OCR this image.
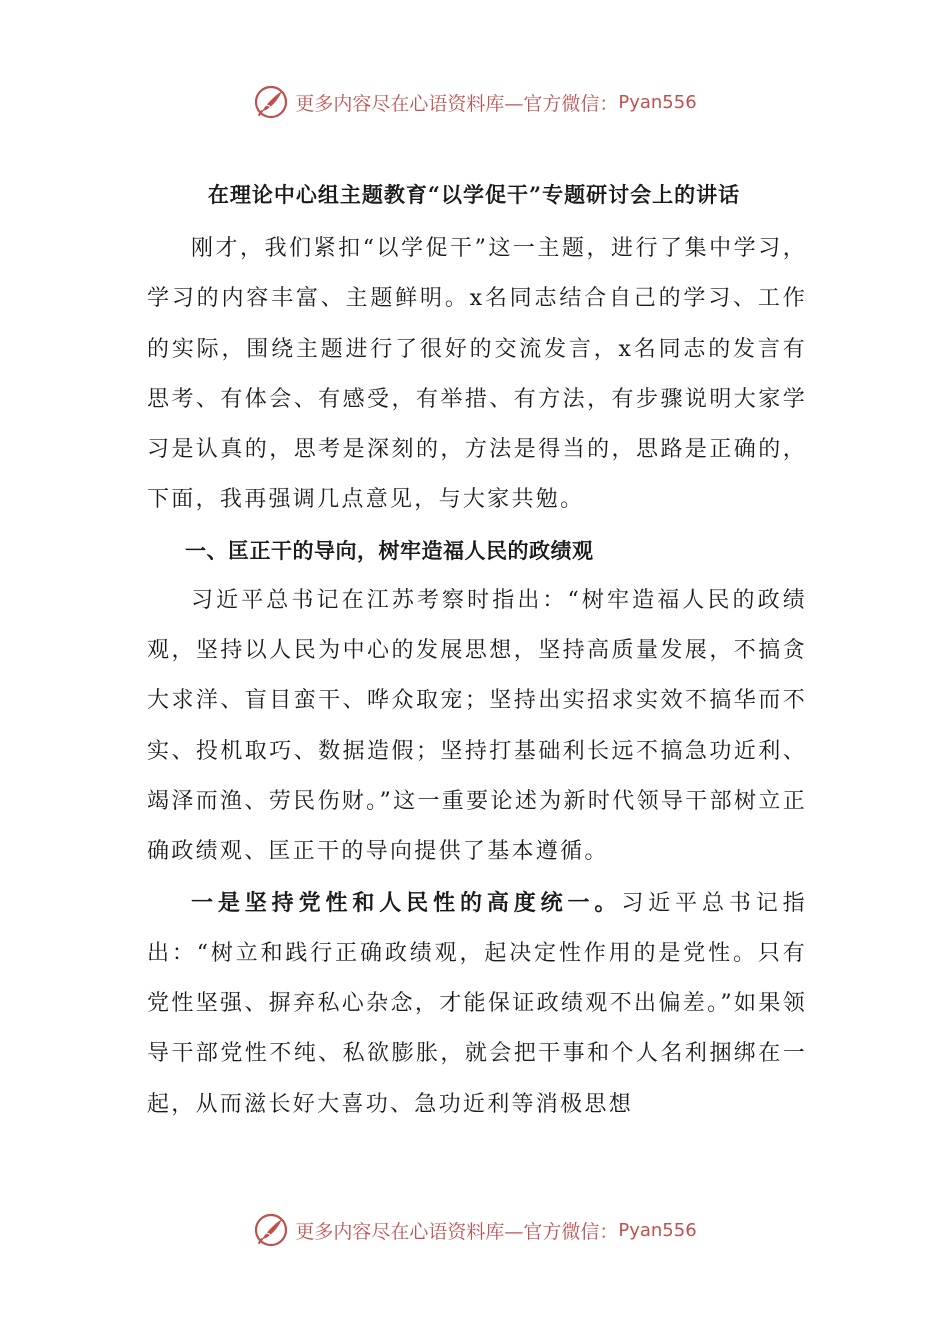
更多内容尽在心语资料库—官方微信： Pyan556
在理论中心组主题教育“以学促干”专题研讨会上的讲话

刚才，我们紧扣“以学促干”这一主题，进行了集中学习，学习的内容丰富、主题鲜明。x名同志结合自己的学习、工作的实际，围绕主题进行了很好的交流发言，x名同志的发言有思考、有体会、有感受，有举措、有方法，有步骤说明大家学习是认真的，思考是深刻的，方法是得当的，思路是正确的，下面，我再强调几点意见，与大家共勉。

一、匡正干的导向，树牢造福人民的政绩观

习近平总书记在江苏考察时指出：“树牢造福人民的政绩观，坚持以人民为中心的发展思想，坚持高质量发展，不搞贪大求洋、盲目蛮干、哗众取宠；坚持出实招求实效不搞华而不实、投机取巧、数据造假；坚持打基础利长远不搞急功近利、竭泽而渔、劳民伤财。”这一重要论述为新时代领导干部树立正确政绩观、匡正干的导向提供了基本遵循。

一是坚持党性和人民性的高度统一。习近平总书记指出：“树立和践行正确政绩观，起决定性作用的是党性。只有党性坚强、摒弃私心杂念，才能保证政绩观不出偏差。”如果领导干部党性不纯、私欲膨胀，就会把干事和个人名利捆绑在一起，从而滋长好大喜功、急功近利等消极思想

更多内容尽在心语资料库—官方微信： Pyan556
